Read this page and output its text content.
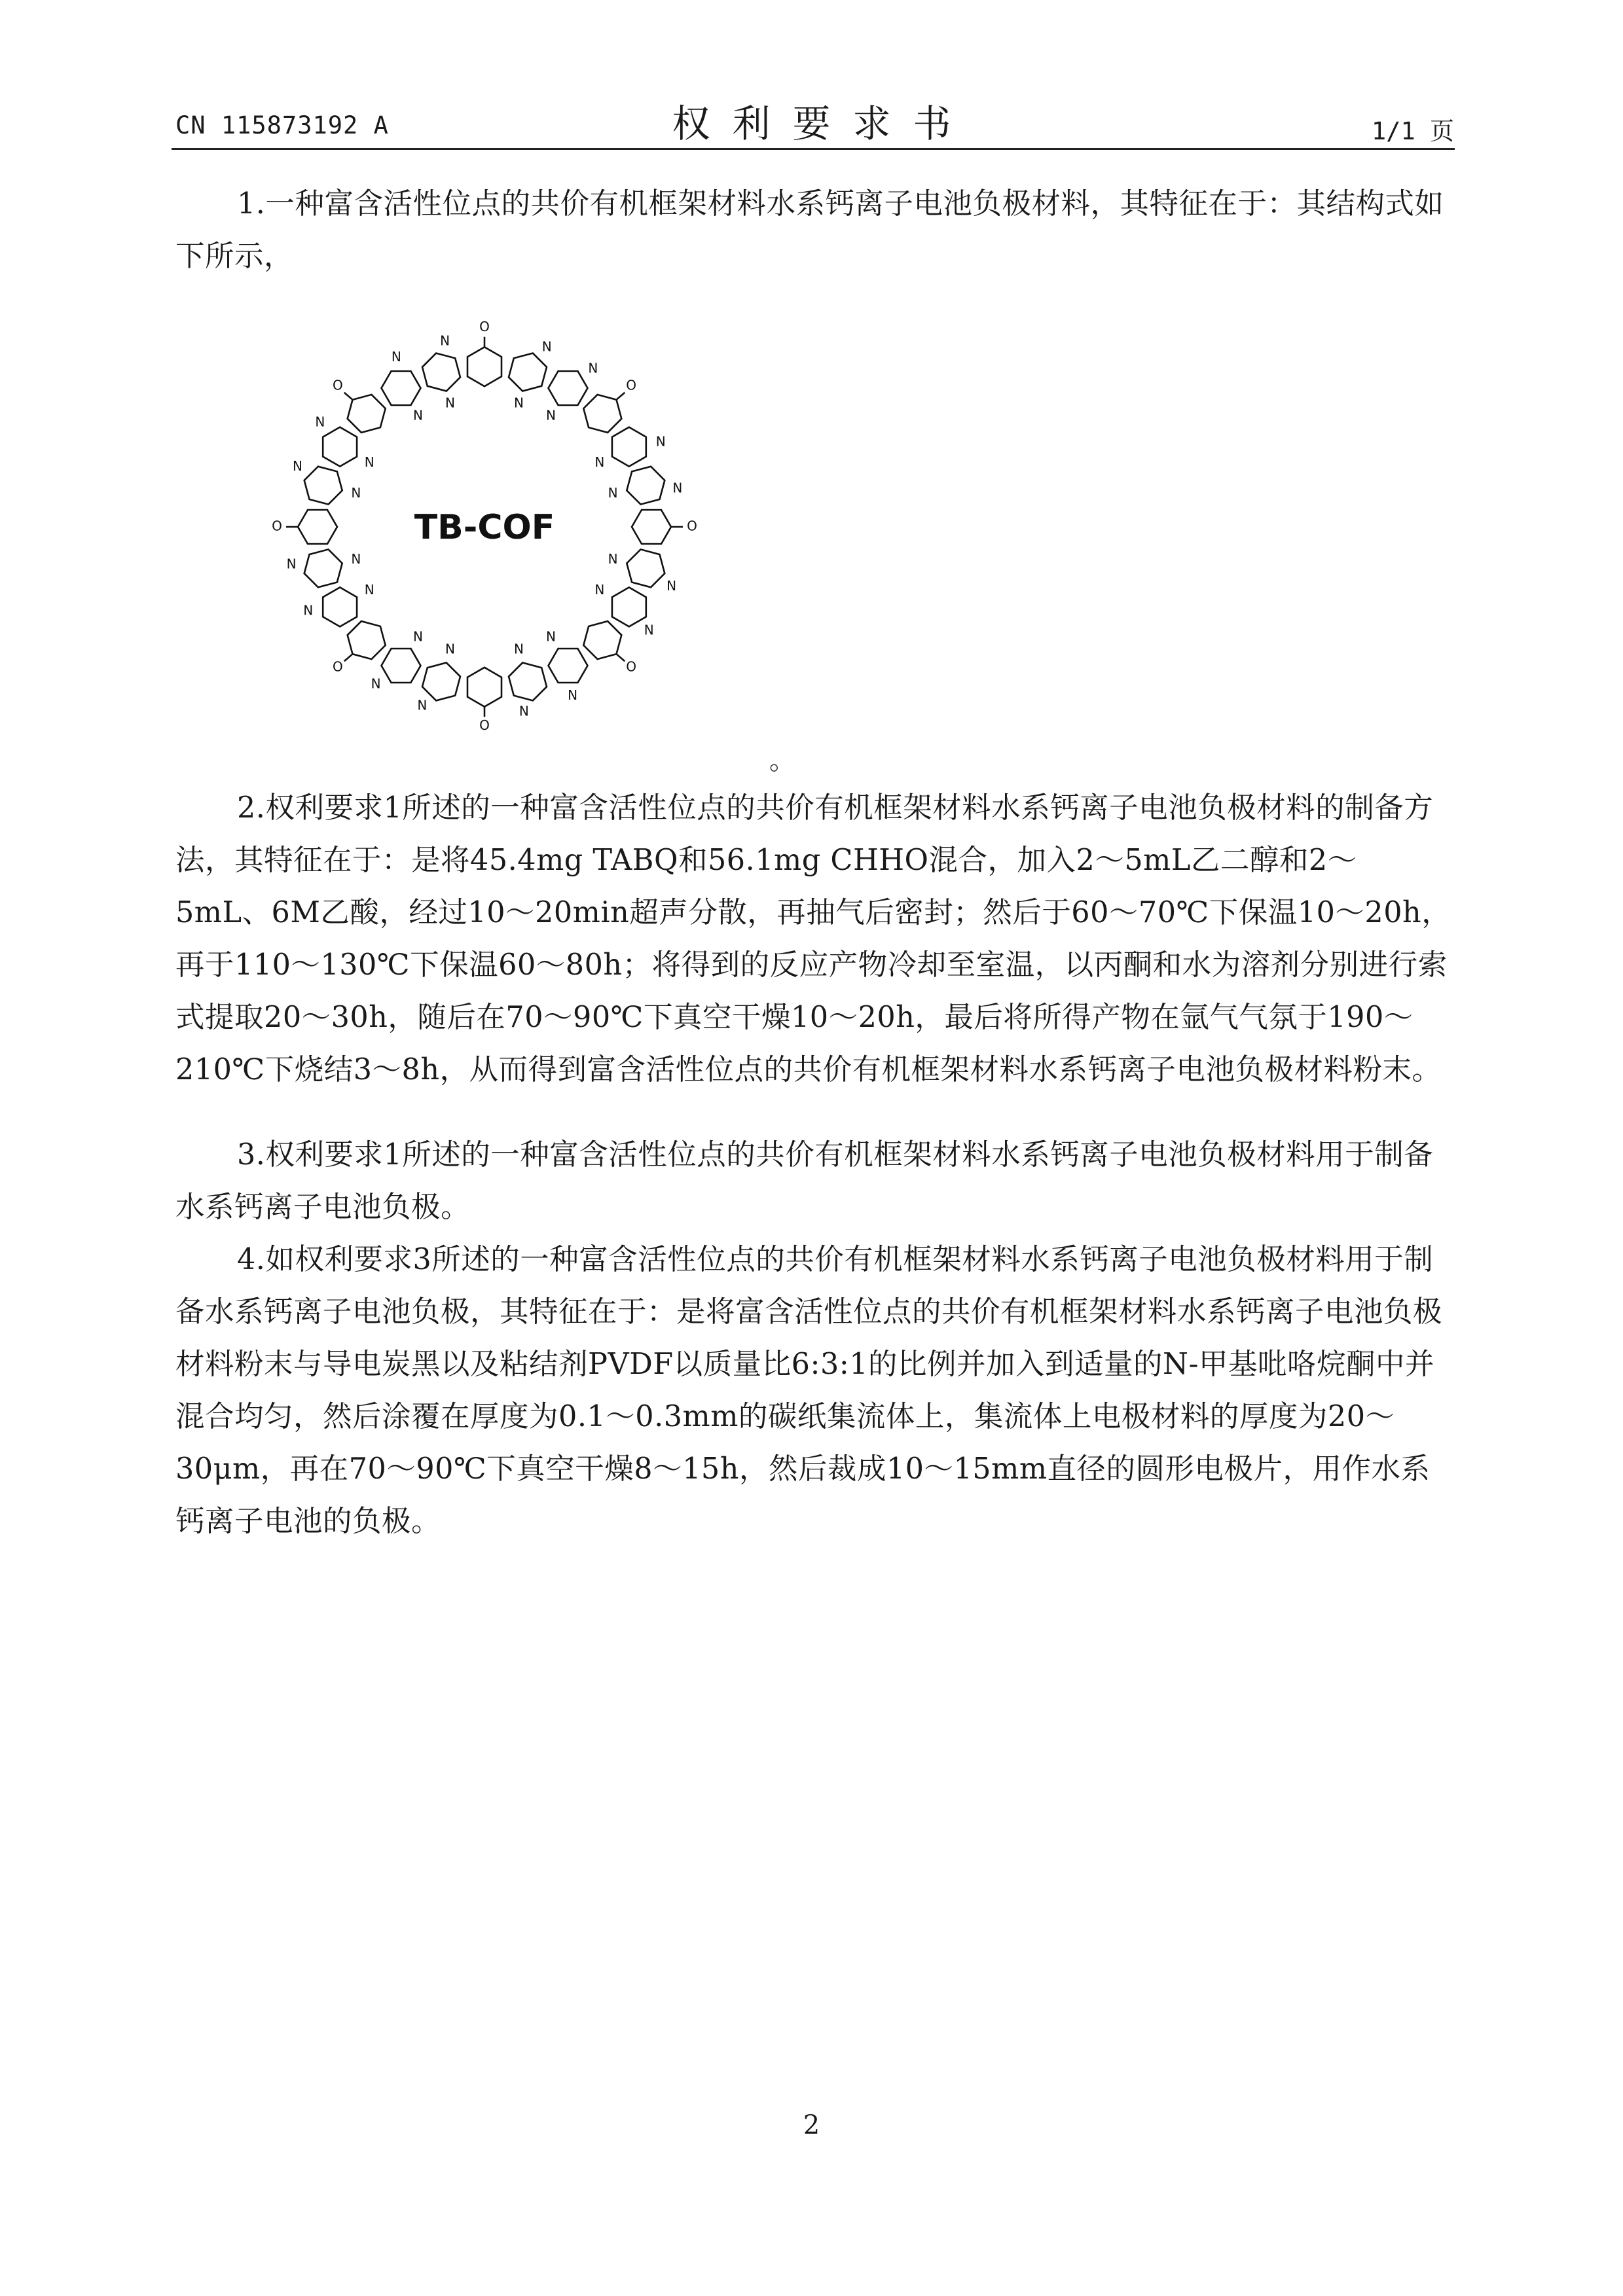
CN 115873192 A	权利要求书	1/1 页

1.一种富含活性位点的共价有机框架材料水系钙离子电池负极材料，其特征在于：其结构式如下所示，

O
N
N
N
N
O
N
N
N
N
O
N
N
N
N
O
N
N
N
N
O
N
N	N
N
O
N
N
N
N
O
N
N
N
N
O
N
N
N	N
TB-COF
。

2.权利要求1所述的一种富含活性位点的共价有机框架材料水系钙离子电池负极材料的制备方法，其特征在于：是将45.4mg TABQ和56.1mg CHHO混合，加入2～5mL乙二醇和2～5mL、6M乙酸，经过10～20min超声分散，再抽气后密封；然后于60～70℃下保温10～20h，再于110～130℃下保温60～80h；将得到的反应产物冷却至室温，以丙酮和水为溶剂分别进行索式提取20～30h，随后在70～90℃下真空干燥10～20h，最后将所得产物在氩气气氛于190～210℃下烧结3～8h，从而得到富含活性位点的共价有机框架材料水系钙离子电池负极材料粉末。

3.权利要求1所述的一种富含活性位点的共价有机框架材料水系钙离子电池负极材料用于制备水系钙离子电池负极。

4.如权利要求3所述的一种富含活性位点的共价有机框架材料水系钙离子电池负极材料用于制备水系钙离子电池负极，其特征在于：是将富含活性位点的共价有机框架材料水系钙离子电池负极材料粉末与导电炭黑以及粘结剂PVDF以质量比6:3:1的比例并加入到适量的N-甲基吡咯烷酮中并混合均匀，然后涂覆在厚度为0.1～0.3mm的碳纸集流体上，集流体上电极材料的厚度为20～30μm，再在70～90℃下真空干燥8～15h，然后裁成10～15mm直径的圆形电极片，用作水系钙离子电池的负极。

2
